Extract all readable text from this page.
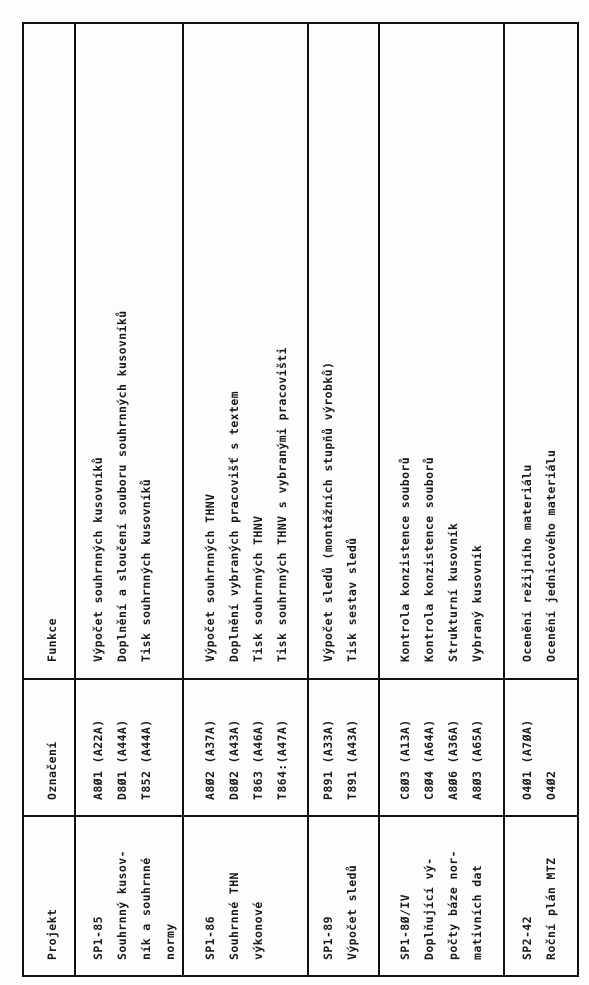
Projekt
Označení
Funkce
SP1-85 Souhrnný kusov- ník a souhrnné normy
A8Ø1 (A22A) D8Ø1 (A44A) T852 (A44A)
Výpočet souhrnných kusovníků Doplnění a sloučení souboru souhrnných kusovníků Tisk souhrnných kusovníků
SP1-86 Souhrnné THN výkonové
A8Ø2 (A37A) D8Ø2 (A43A) T863 (A46A) T864:(A47A)
Výpočet souhrnných THNV Doplnění vybraných pracovišť s textem Tisk souhrnných THNV Tisk souhrnných THNV s vybranými pracovišti
SP1-89 Výpočet sledů
P891 (A33A) T891 (A43A)
Výpočet sledů (montážních stupňů výrobků) Tisk sestav sledů
SP1-8Ø/IV Doplňující vý- počty báze nor- mativních dat
C8Ø3 (A13A) C8Ø4 (A64A) A8Ø6 (A36A) A8Ø3 (A65A)
Kontrola konzistence souborů Kontrola konzistence souborů Strukturní kusovník Vybraný kusovník
SP2-42 Roční plán MTZ
O4Ø1 (A7ØA) O4Ø2
Ocenění režijního materiálu Ocenění jednicového materiálu
